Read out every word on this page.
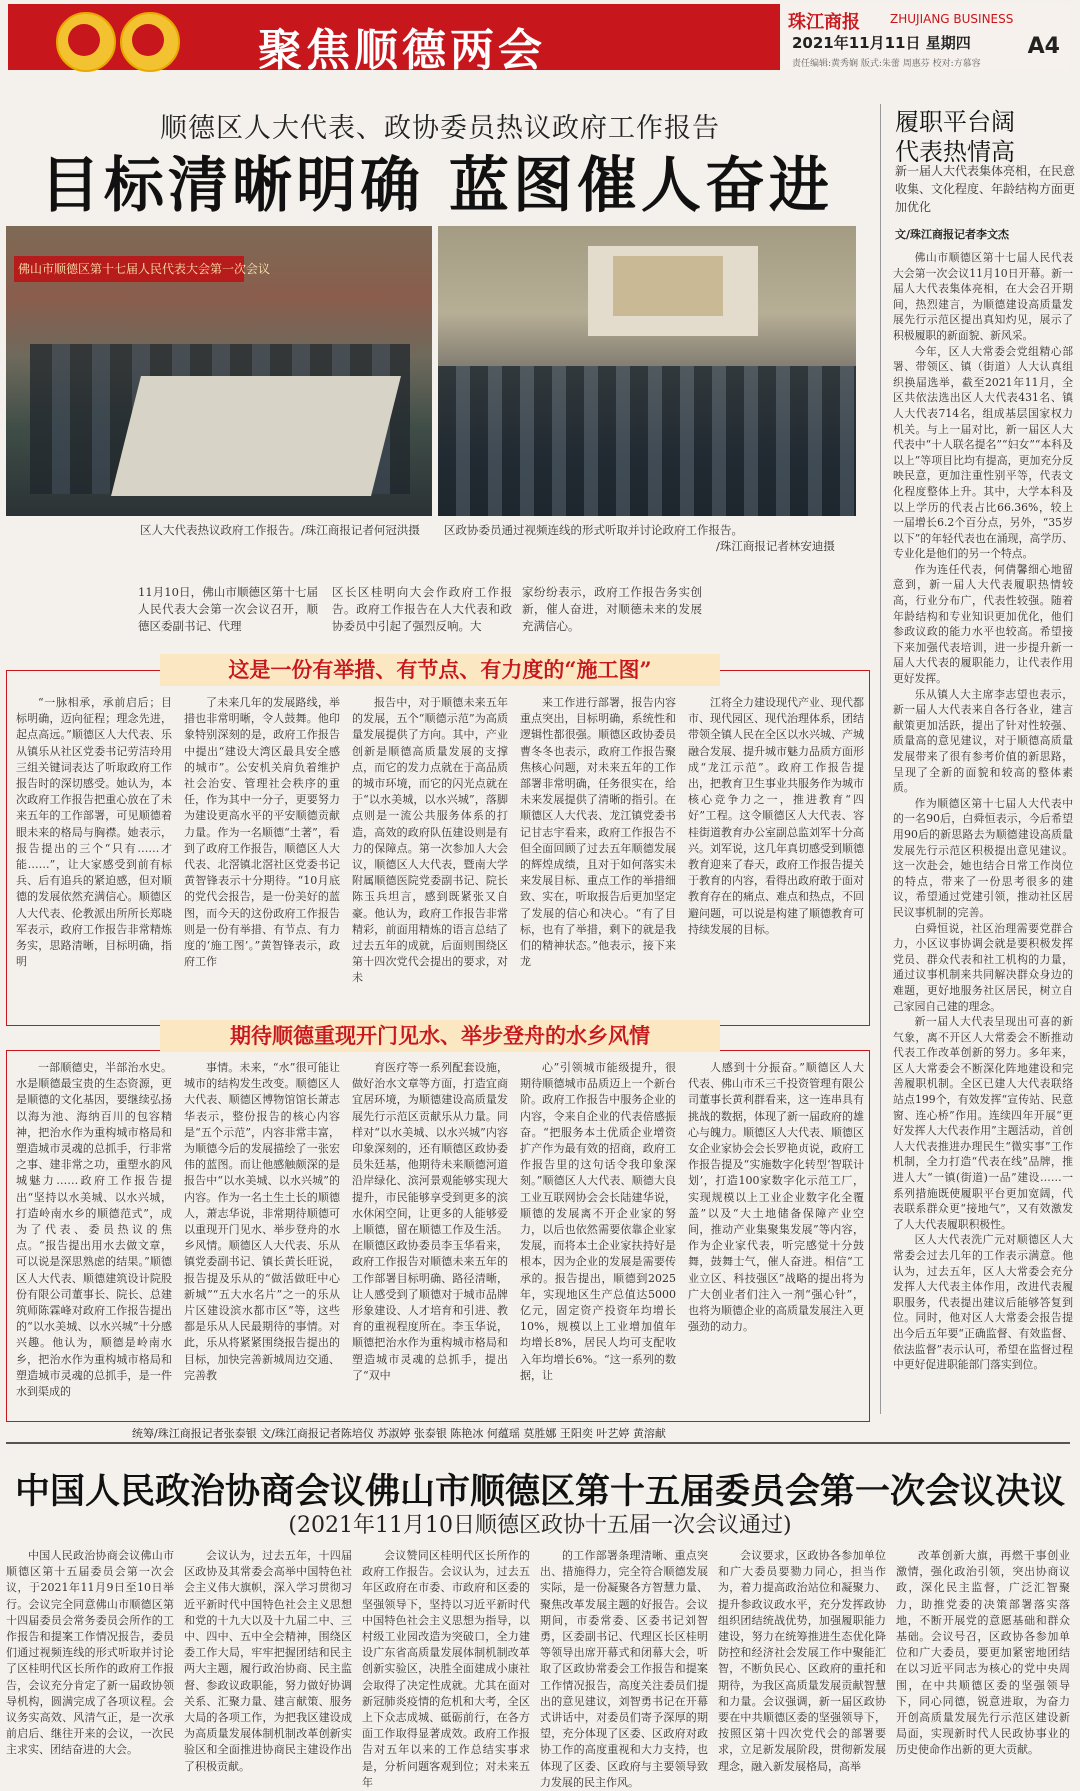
聚焦顺德两会
珠江商报	ZHUJIANG BUSINESS
2021年11月11日 星期四	A4
责任编辑:黄秀娴 版式:朱蕾 周惠芬 校对:方慕容
顺德区人大代表、政协委员热议政府工作报告
目标清晰明确 蓝图催人奋进
佛山市顺德区第十七届人民代表大会第一次会议
区人大代表热议政府工作报告。/珠江商报记者何冠洪摄 区政协委员通过视频连线的形式听取并讨论政府工作报告。
/珠江商报记者林安迪摄
11月10日，佛山市顺德区第十七届人民代表大会第一次会议召开，顺德区委副书记、代理
区长区桂明向大会作政府工作报告。政府工作报告在人大代表和政协委员中引起了强烈反响。大
家纷纷表示，政府工作报告务实创新，催人奋进，对顺德未来的发展充满信心。
这是一份有举措、有节点、有力度的“施工图”

“一脉相承，承前启后；目标明确，迈向征程；理念先进，起点高远。”顺德区人大代表、乐从镇乐从社区党委书记劳洁玲用三组关键词表达了听取政府工作报告时的深切感受。她认为，本次政府工作报告把重心放在了未来五年的工作部署，可见顺德着眼未来的格局与胸襟。她表示，报告提出的三个“只有……才能……”，让大家感受到前有标兵、后有追兵的紧迫感，但对顺德的发展依然充满信心。顺德区人大代表、伦教派出所所长郑晓军表示，政府工作报告非常精炼务实，思路清晰，目标明确，指明

了未来几年的发展路线，举措也非常明晰，令人鼓舞。他印象特别深刻的是，政府工作报告中提出“建设大湾区最具安全感的城市”。公安机关肩负着维护社会治安、管理社会秩序的重任，作为其中一分子，更要努力为建设更高水平的平安顺德贡献力量。作为一名顺德“土著”，看到了政府工作报告，顺德区人大代表、北滘镇北滘社区党委书记黄智锋表示十分期待。“10月底的党代会报告，是一份美好的蓝图，而今天的这份政府工作报告则是一份有举措、有节点、有力度的‘施工图’。”黄智锋表示，政府工作

报告中，对于顺德未来五年的发展，五个“顺德示范”为高质量发展提供了方向。其中，产业创新是顺德高质量发展的支撑点，而它的发力点就在于高品质的城市环境，而它的闪光点就在于“以水美城，以水兴城”，落脚点则是一流公共服务体系的打造，高效的政府队伍建设则是有力的保障点。第一次参加人大会议，顺德区人大代表，暨南大学附属顺德医院党委副书记、院长陈玉兵坦言，感到既紧张又自豪。他认为，政府工作报告非常精彩，前面用精炼的语言总结了过去五年的成就，后面则围绕区第十四次党代会提出的要求，对未

来工作进行部署，报告内容重点突出，目标明确，系统性和逻辑性都很强。顺德区政协委员曹冬冬也表示，政府工作报告聚焦核心问题，对未来五年的工作部署非常明确，任务很实在，给未来发展提供了清晰的指引。在顺德区人大代表、龙江镇党委书记甘志宇看来，政府工作报告不但全面回顾了过去五年顺德发展的辉煌成绩，且对于如何落实未来发展目标、重点工作的举措细致、实在，听取报告后更加坚定了发展的信心和决心。“有了目标，也有了举措，剩下的就是我们的精神状态。”他表示，接下来龙

江将全力建设现代产业、现代都市、现代园区、现代治理体系，团结带领全镇人民在全区以水兴城、产城融合发展、提升城市魅力品质方面形成“龙江示范”。政府工作报告提出，把教育卫生事业共服务作为城市核心竞争力之一，推进教育“四好”工程。这令顺德区人大代表、容桂街道教育办公室副总监刘军十分高兴。刘军说，这几年真切感受到顺德教育迎来了春天，政府工作报告提关于教育的内容，看得出政府敢于面对教育存在的痛点、难点和热点，不回避问题，可以说是构建了顺德教育可持续发展的目标。

期待顺德重现开门见水、举步登舟的水乡风情

一部顺德史，半部治水史。水是顺德最宝贵的生态资源，更是顺德的文化基因，要继续弘扬以海为池、海纳百川的包容精神，把治水作为重构城市格局和塑造城市灵魂的总抓手，行非常之事、建非常之功，重塑水韵风城魅力……政府工作报告提出“坚持以水美城、以水兴城，打造岭南水乡的顺德范式”，成为了代表、委员热议的焦点。“报告提出用水去做文章，可以说是深思熟虑的结果。”顺德区人大代表、顺德建筑设计院股份有限公司董事长、院长、总建筑师陈霖峰对政府工作报告提出的“以水美城、以水兴城”十分感兴趣。他认为，顺德是岭南水乡，把治水作为重构城市格局和塑造城市灵魂的总抓手，是一件水到渠成的

事情。未来，“水”很可能让城市的结构发生改变。顺德区人大代表、顺德区博物馆馆长萧志华表示，整份报告的核心内容是“五个示范”，内容非常丰富，为顺德今后的发展描绘了一张宏伟的蓝图。而让他感触颇深的是报告中“以水美城、以水兴城”的内容。作为一名土生土长的顺德人，萧志华说，非常期待顺德可以重现开门见水、举步登舟的水乡风情。顺德区人大代表、乐从镇党委副书记、镇长黄长旺说，报告提及乐从的“做活做旺中心新城”“五大水名片”之一的乐从片区建设滨水都市区”等，这些都是乐从人民最期待的事情。对此，乐从将紧紧围绕报告提出的目标，加快完善新城周边交通、完善教

育医疗等一系列配套设施，做好治水文章等方面，打造宜商宜居环境，为顺德建设高质量发展先行示范区贡献乐从力量。同样对“以水美城、以水兴城”内容印象深刻的，还有顺德区政协委员朱廷基，他期待未来顺德河道沿岸绿化、滨河景观能够实现大提升，市民能够享受到更多的滨水休闲空间，让更多的人能够爱上顺德，留在顺德工作及生活。在顺德区政协委员李玉华看来，政府工作报告对顺德未来五年的工作部署目标明确、路径清晰，让人感受到了顺德对于城市品牌形象建设、人才培育和引进、教育的重视程度所在。李玉华说，顺德把治水作为重构城市格局和塑造城市灵魂的总抓手，提出了“双中

心”引领城市能级提升，很期待顺德城市品质迈上一个新台阶。政府工作报告中服务企业的内容，令来自企业的代表倍感振奋。“把服务本土优质企业增资扩产作为最有效的招商，政府工作报告里的这句话令我印象深刻。”顺德区人大代表、顺德大良工业互联网协会会长陆建华说，顺德的发展离不开企业家的努力，以后也依然需要依靠企业家发展，而将本土企业家扶持好是根本，因为企业的发展是需要传承的。报告提出，顺德到2025年，实现地区生产总值达5000亿元，固定资产投资年均增长10%，规模以上工业增加值年均增长8%，居民人均可支配收入年均增长6%。“这一系列的数据，让

人感到十分振奋。”顺德区人大代表、佛山市禾三千投资管理有限公司董事长黄利群看来，这一连串具有挑战的数据，体现了新一届政府的雄心与魄力。顺德区人大代表、顺德区女企业家协会会长罗艳贞说，政府工作报告提及“实施数字化转型‘智联计划’，打造100家数字化示范工厂，实现规模以上工业企业数字化全覆盖”以及“大土地储备保障产业空间，推动产业集聚集发展”等内容，作为企业家代表，听完感觉十分鼓舞，鼓舞士气，催人奋进。相信“工业立区、科技强区”战略的提出将为广大创业者们注入一剂“强心针”，也将为顺德企业的高质量发展注入更强劲的动力。

统筹/珠江商报记者张泰银 文/珠江商报记者陈培仪 苏淑婷 张泰银 陈艳冰 何蕴瑶 莫胜娜 王阳奕 叶艺婷 黄溶献
履职平台阔
代表热情高
新一届人大代表集体亮相，在民意收集、文化程度、年龄结构方面更加优化
文/珠江商报记者李文杰

佛山市顺德区第十七届人民代表大会第一次会议11月10日开幕。新一届人大代表集体亮相，在大会召开期间，热烈建言，为顺德建设高质量发展先行示范区提出真知灼见，展示了积极履职的新面貌、新风采。

今年，区人大常委会党组精心部署、带领区、镇（街道）人大认真组织换届选举，截至2021年11月，全区共依法选出区人大代表431名、镇人大代表714名，组成基层国家权力机关。与上一届对比，新一届区人大代表中“十人联名提名”“妇女”“本科及以上”等项目比均有提高，更加充分反映民意，更加注重性别平等，代表文化程度整体上升。其中，大学本科及以上学历的代表占比66.36%，较上一届增长6.2个百分点，另外，“35岁以下”的年轻代表也在涌现，高学历、专业化是他们的另一个特点。

作为连任代表，何倩馨细心地留意到，新一届人大代表履职热情较高，行业分布广，代表性较强。随着年龄结构和专业知识更加优化，他们参政议政的能力水平也较高。希望接下来加强代表培训，进一步提升新一届人大代表的履职能力，让代表作用更好发挥。

乐从镇人大主席李志望也表示，新一届人大代表来自各行各业，建言献策更加活跃，提出了针对性较强、质量高的意见建议，对于顺德高质量发展带来了很有参考价值的新思路，呈现了全新的面貌和较高的整体素质。

作为顺德区第十七届人大代表中的一名90后，白舜恒表示，今后希望用90后的新思路去为顺德建设高质量发展先行示范区积极提出意见建议。这一次赴会，她也结合日常工作岗位的特点，带来了一份思考很多的建议，希望通过党建引领，推动社区居民议事机制的完善。

白舜恒说，社区治理需要党群合力，小区议事协调会就是要积极发挥党员、群众代表和社工机构的力量，通过议事机制来共同解决群众身边的难题，更好地服务社区居民，树立自己家园自己建的理念。

新一届人大代表呈现出可喜的新气象，离不开区人大常委会不断推动代表工作改革创新的努力。多年来，区人大常委会不断深化阵地建设和完善履职机制。全区已建人大代表联络站点199个，有效发挥“宣传站、民意窗、连心桥”作用。连续四年开展“更好发挥人大代表作用”主题活动，首创人大代表推进办理民生“微实事”工作机制，全力打造“代表在线”品牌，推进人大“一镇(街道)一品”建设……一系列措施既使履职平台更加宽阔，代表联系群众更“接地气”，又有效激发了人大代表履职积极性。

区人大代表洗广元对顺德区人大常委会过去几年的工作表示满意。他认为，过去五年，区人大常委会充分发挥人大代表主体作用，改进代表履职服务，代表提出建议后能够答复到位。同时，他对区人大常委会报告提出今后五年要“正确监督、有效监督、依法监督”表示认可，希望在监督过程中更好促进职能部门落实到位。

中国人民政治协商会议佛山市顺德区第十五届委员会第一次会议决议
(2021年11月10日顺德区政协十五届一次会议通过)

中国人民政治协商会议佛山市顺德区第十五届委员会第一次会议，于2021年11月9日至10日举行。会议完全同意佛山市顺德区第十四届委员会常务委员会所作的工作报告和提案工作情况报告，委员们通过视频连线的形式听取并讨论了区桂明代区长所作的政府工作报告，会议充分肯定了新一届政协领导机构，圆满完成了各项议程。会议务实高效、风清气正，是一次承前启后、继往开来的会议，一次民主求实、团结奋进的大会。

会议认为，过去五年，十四届区政协及其常委会高举中国特色社会主义伟大旗帜，深入学习贯彻习近平新时代中国特色社会主义思想和党的十九大以及十九届二中、三中、四中、五中全会精神，围绕区委工作大局，牢牢把握团结和民主两大主题，履行政治协商、民主监督、参政议政职能，努力做好协调关系、汇聚力量、建言献策、服务大局的各项工作，为把我区建设成为高质量发展体制机制改革创新实验区和全面推进协商民主建设作出了积极贡献。

会议赞同区桂明代区长所作的政府工作报告。会议认为，过去五年区政府在市委、市政府和区委的坚强领导下，坚持以习近平新时代中国特色社会主义思想为指导，以村级工业园改造为突破口，全力建设广东省高质量发展体制机制改革创新实验区，决胜全面建成小康社会取得了决定性成就。尤其在面对新冠肺炎疫情的危机和大考，全区上下众志成城、砥砺前行，在各方面工作取得显著成效。政府工作报告对五年以来的工作总结实事求是，分析问题客观到位；对未来五年

的工作部署条理清晰、重点突出、措施得力，完全符合顺德发展实际，是一份凝聚各方智慧力量、聚焦改革发展主题的好报告。会议期间，市委常委、区委书记刘智勇，区委副书记、代理区长区桂明等领导出席开幕式和闭幕大会，听取了区政协常委会工作报告和提案工作情况报告，高度关注委员们提出的意见建议，刘智勇书记在开幕式讲话中，对委员们寄予深厚的期望，充分体现了区委、区政府对政协工作的高度重视和大力支持，也体现了区委、区政府与主要领导致力发展的民主作风。

会议要求，区政协各参加单位和广大委员要勠力同心，担当作为，着力提高政治站位和凝聚力、提升参政议政水平，充分发挥政协组织团结统战优势，加强履职能力建设，努力在统筹推进生态优化降防控和经济社会发展工作中聚能汇智，不断负民心、区政府的重托和期待，为我区高质量发展贡献智慧和力量。会议强调，新一届区政协要在中共顺德区委的坚强领导下，按照区第十四次党代会的部署要求，立足新发展阶段，贯彻新发展理念，融入新发展格局，高举

改革创新大旗，再燃干事创业激情，强化政治引领，突出协商议政，深化民主监督，广泛汇智聚力，助推党委的决策部署落实落地，不断开展党的意愿基础和群众基础。会议号召，区政协各参加单位和广大委员，要更加紧密地团结在以习近平同志为核心的党中央周围，在中共顺德区委的坚强领导下，同心同德，锐意进取，为奋力开创高质量发展先行示范区建设新局面，实现新时代人民政协事业的历史使命作出新的更大贡献。
